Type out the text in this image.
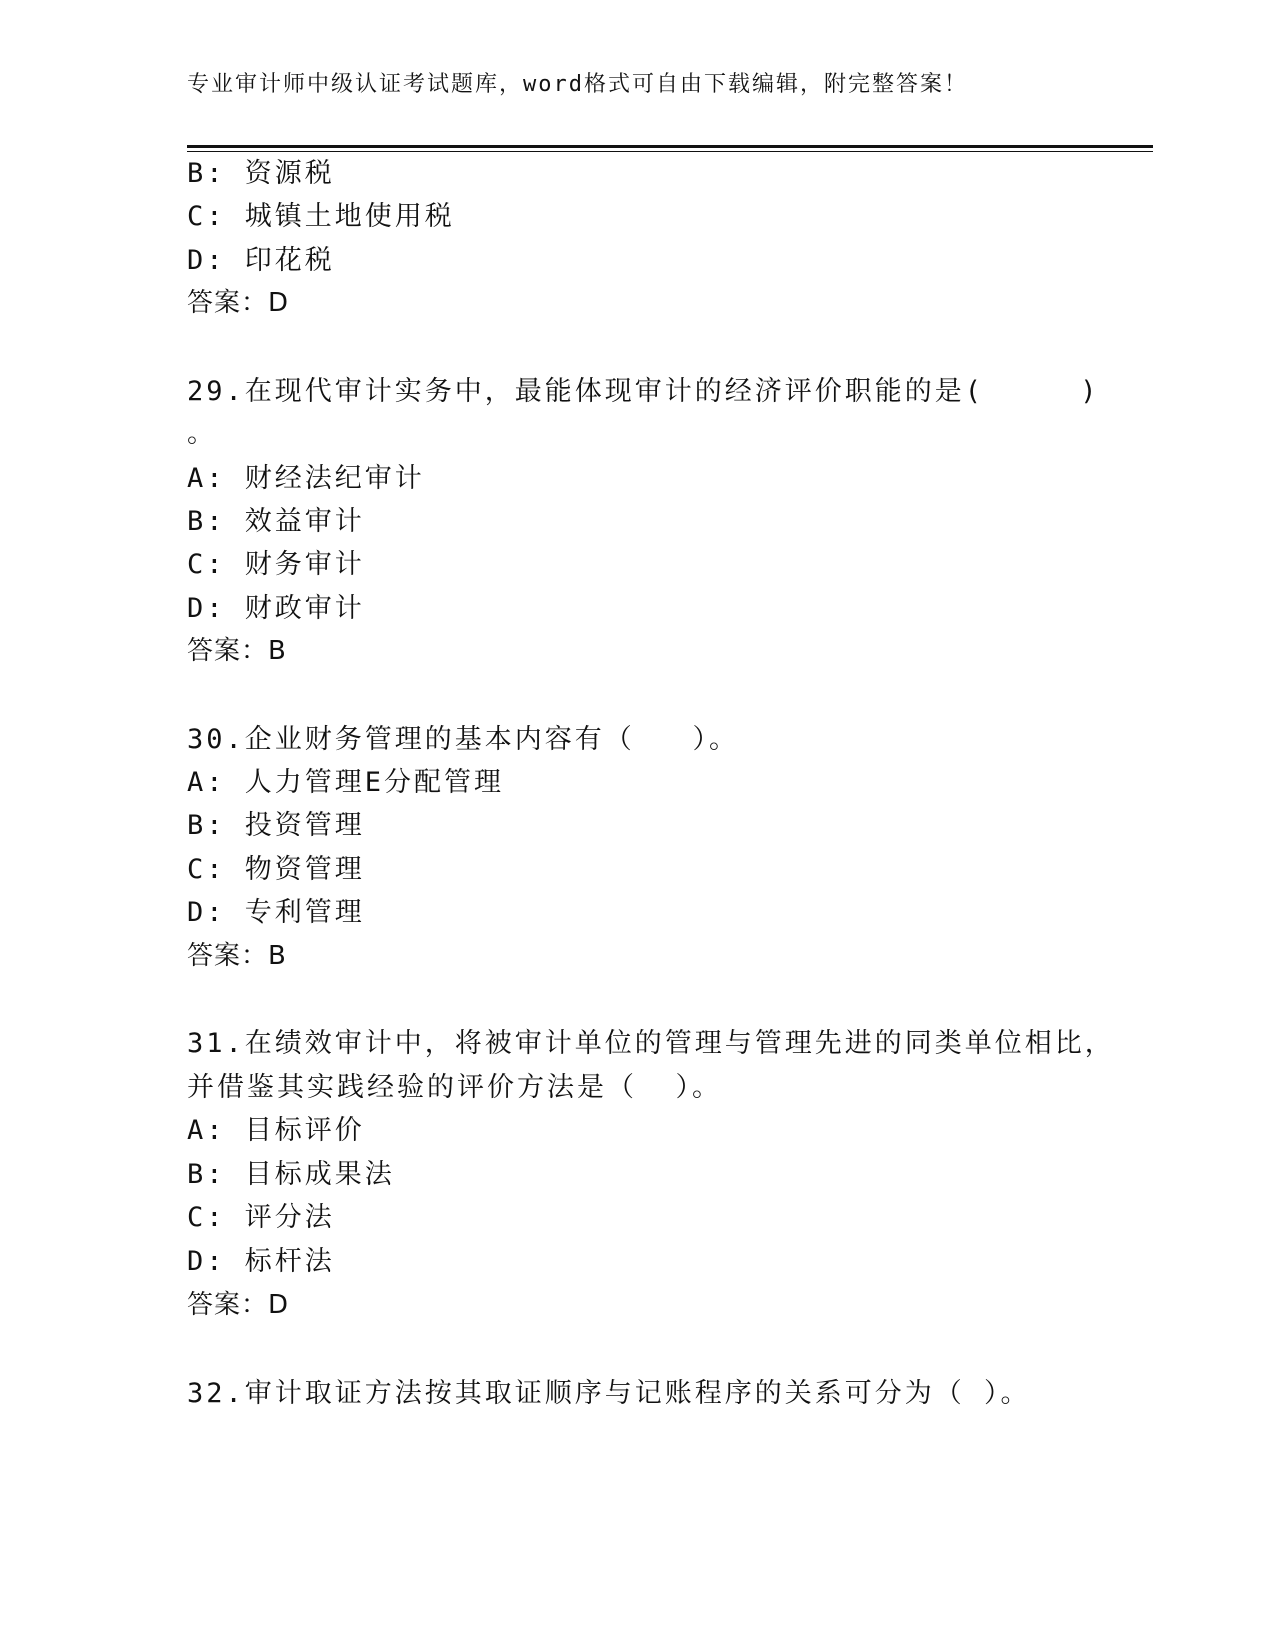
专业审计师中级认证考试题库，word格式可自由下载编辑，附完整答案！
B: 资源税
C: 城镇土地使用税
D: 印花税
答案：D
29.在现代审计实务中，最能体现审计的经济评价职能的是(     )
。
A: 财经法纪审计
B: 效益审计
C: 财务审计
D: 财政审计
答案：B
30.企业财务管理的基本内容有（   ）。
A: 人力管理E分配管理
B: 投资管理
C: 物资管理
D: 专利管理
答案：B
31.在绩效审计中，将被审计单位的管理与管理先进的同类单位相比，
并借鉴其实践经验的评价方法是（  ）。
A: 目标评价
B: 目标成果法
C: 评分法
D: 标杆法
答案：D
32.审计取证方法按其取证顺序与记账程序的关系可分为（ ）。
